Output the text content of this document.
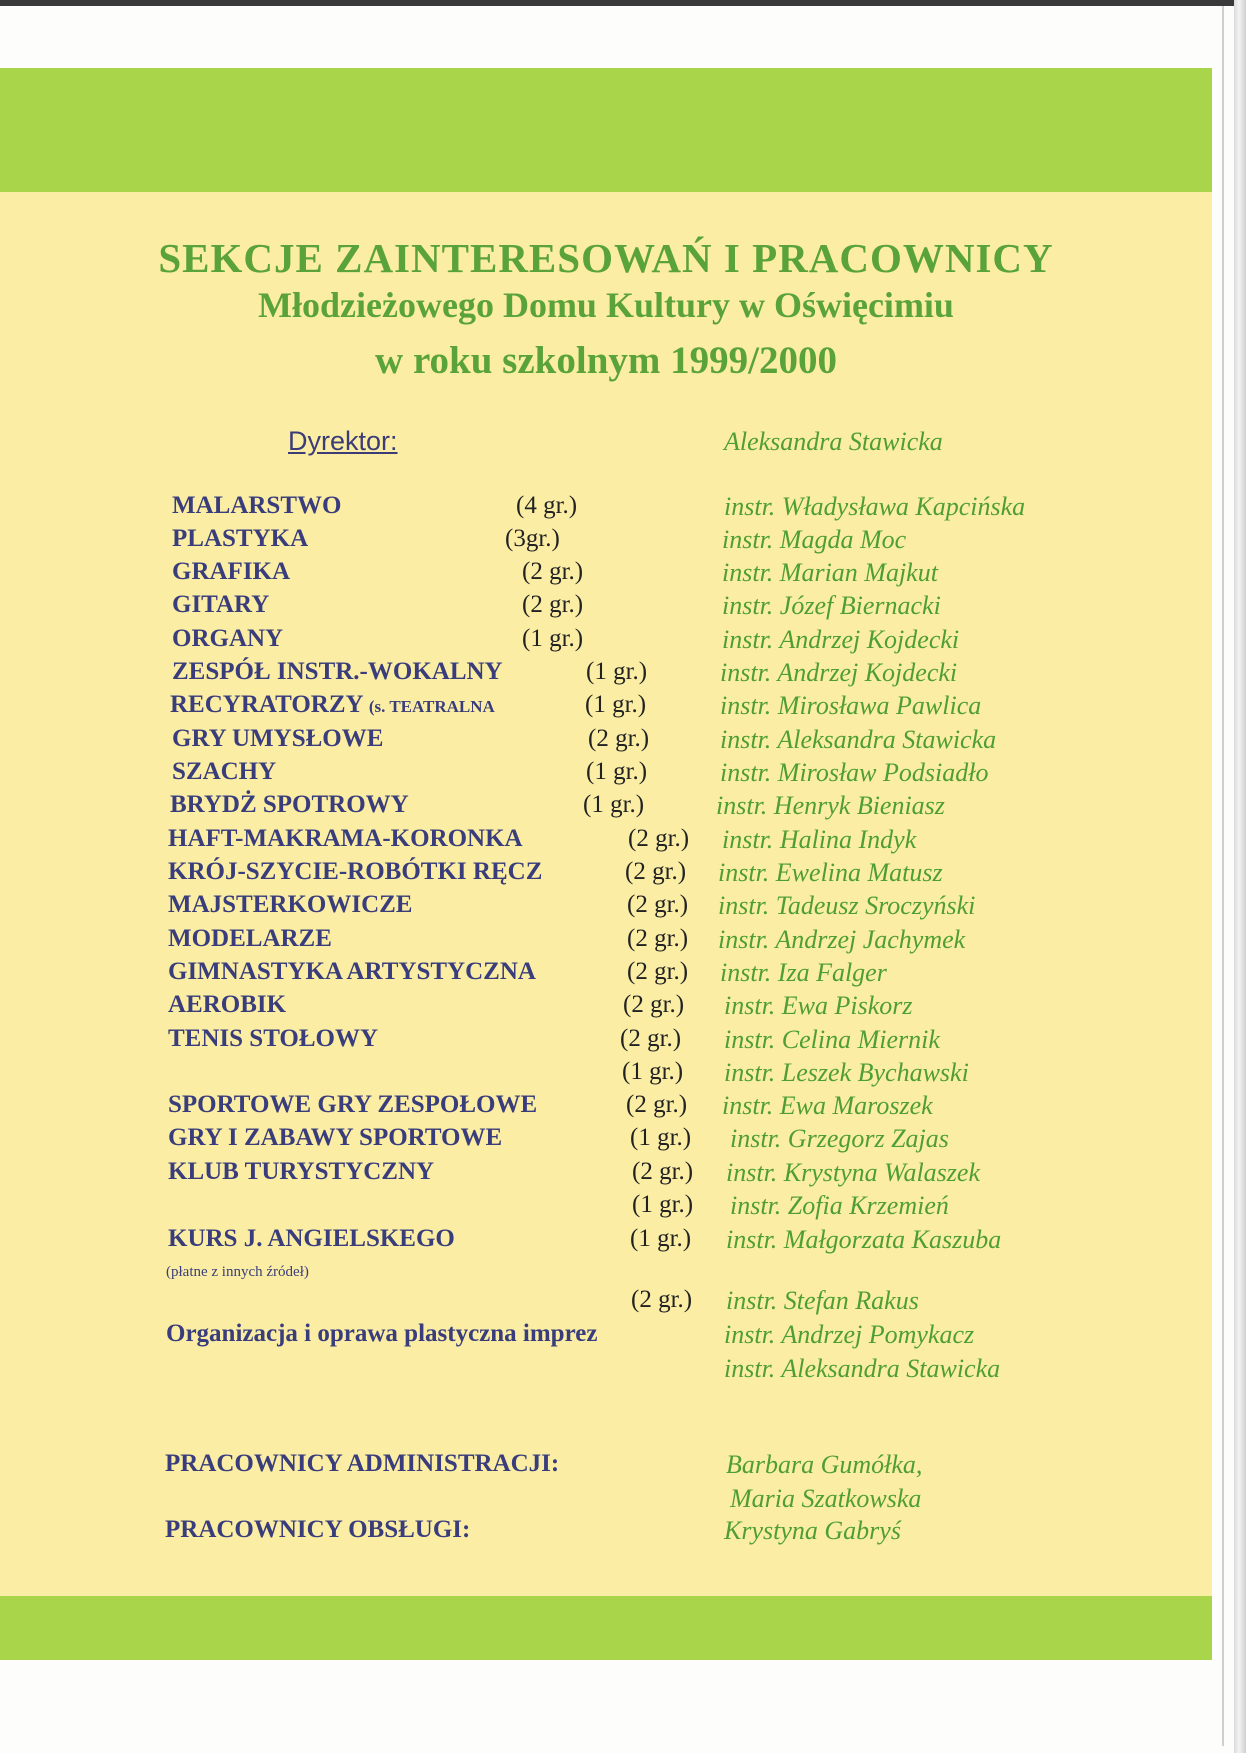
SEKCJE ZAINTERESOWAŃ I PRACOWNICY
Młodzieżowego Domu Kultury w Oświęcimiu
w roku szkolnym 1999/2000
Dyrektor:	Aleksandra Stawicka
MALARSTWO	(4 gr.)	instr. Władysława Kapcińska
PLASTYKA	(3gr.)	instr. Magda Moc
GRAFIKA	(2 gr.)	instr. Marian Majkut
GITARY	(2 gr.)	instr. Józef Biernacki
ORGANY	(1 gr.)	instr. Andrzej Kojdecki
ZESPÓŁ INSTR.-WOKALNY	(1 gr.)	instr. Andrzej Kojdecki
RECYRATORZY (s. TEATRALNA	(1 gr.)	instr. Mirosława Pawlica
GRY UMYSŁOWE	(2 gr.)	instr. Aleksandra Stawicka
SZACHY	(1 gr.)	instr. Mirosław Podsiadło
BRYDŻ SPOTROWY	(1 gr.)	instr. Henryk Bieniasz
HAFT-MAKRAMA-KORONKA	(2 gr.) instr. Halina Indyk
KRÓJ-SZYCIE-ROBÓTKI RĘCZ	(2 gr.) instr. Ewelina Matusz
MAJSTERKOWICZE	(2 gr.) instr. Tadeusz Sroczyński
MODELARZE	(2 gr.) instr. Andrzej Jachymek
GIMNASTYKA ARTYSTYCZNA	(2 gr.) instr. Iza Falger
AEROBIK	(2 gr.) instr. Ewa Piskorz
TENIS STOŁOWY	(2 gr.) instr. Celina Miernik
(1 gr.) instr. Leszek Bychawski
SPORTOWE GRY ZESPOŁOWE	(2 gr.) instr. Ewa Maroszek
GRY I ZABAWY SPORTOWE	(1 gr.) instr. Grzegorz Zajas
KLUB TURYSTYCZNY	(2 gr.) instr. Krystyna Walaszek
(1 gr.) instr. Zofia Krzemień
KURS J. ANGIELSKEGO	(1 gr.) instr. Małgorzata Kaszuba
(płatne z innych źródeł)
(2 gr.) instr. Stefan Rakus
Organizacja i oprawa plastyczna imprez	instr. Andrzej Pomykacz
instr. Aleksandra Stawicka
PRACOWNICY ADMINISTRACJI:	Barbara Gumółka,
Maria Szatkowska
PRACOWNICY OBSŁUGI:	Krystyna Gabryś
